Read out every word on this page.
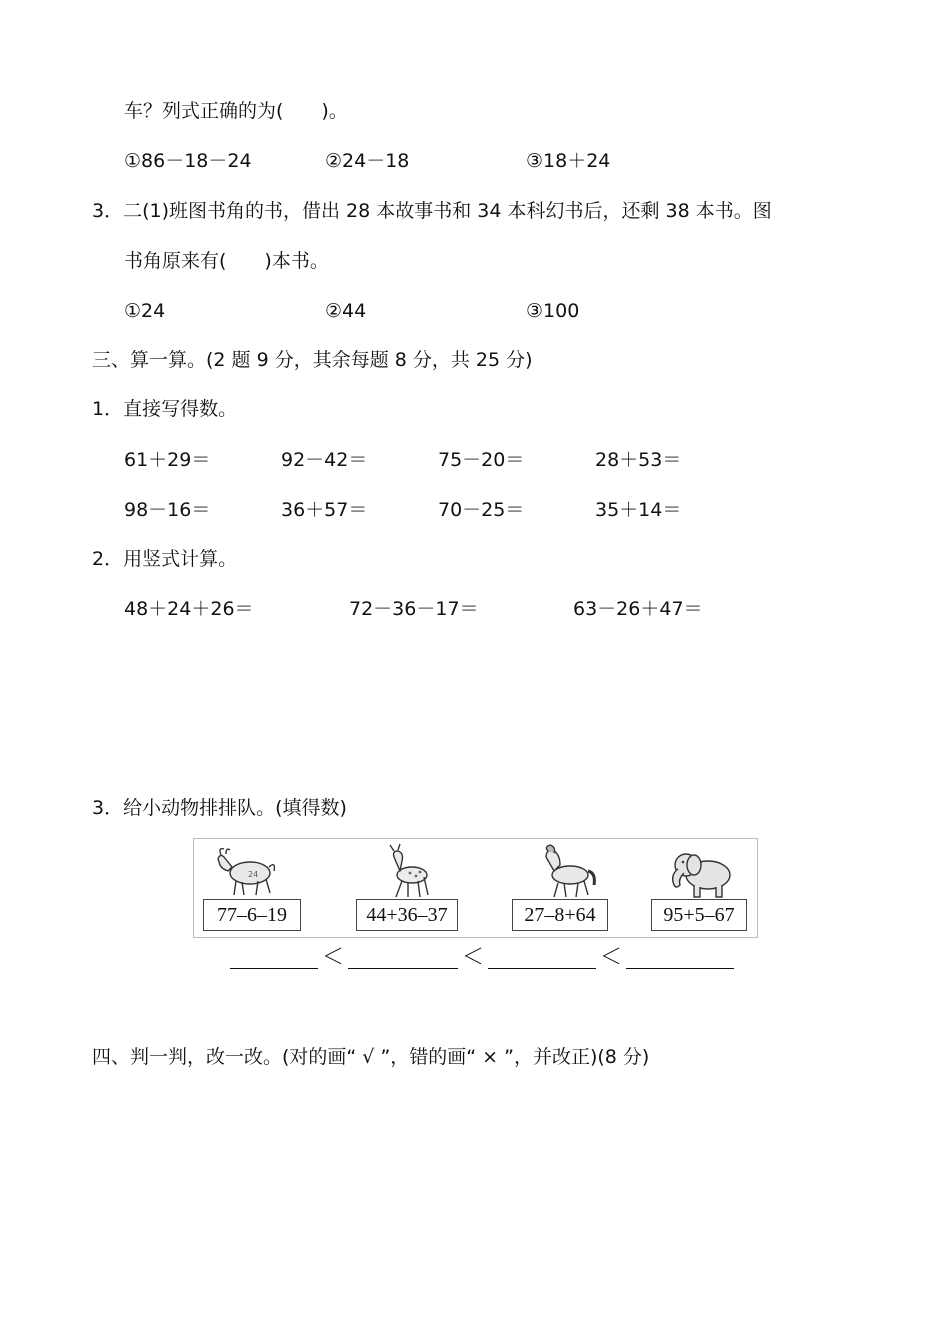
车？列式正确的为(　　)。
①86－18－24	②24－18	③18＋24
3．二(1)班图书角的书，借出 28 本故事书和 34 本科幻书后，还剩 38 本书。图
书角原来有(　　)本书。
①24	②44	③100
三、算一算。(2 题 9 分，其余每题 8 分，共 25 分)
1．直接写得数。
61＋29＝	92－42＝	75－20＝	28＋53＝
98－16＝	36＋57＝	70－25＝	35＋14＝
2．用竖式计算。
48＋24＋26＝	72－36－17＝	63－26＋47＝
3．给小动物排排队。(填得数)
24
77–6–19	44+36–37	27–8+64	95+5–67
＜	＜	＜
四、判一判，改一改。(对的画“ √ ”，错的画“ × ”，并改正)(8 分)
